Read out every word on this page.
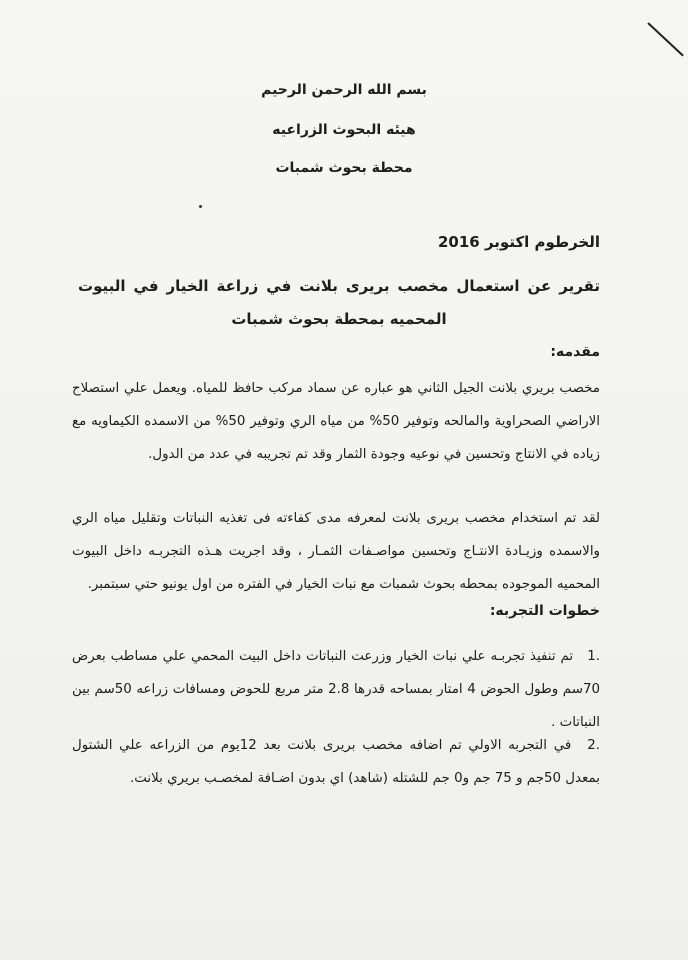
بسم الله الرحمن الرحيم
هيئه البحوث الزراعيه
محطة بحوث شمبات
الخرطوم اكتوبر 2016
تقرير عن استعمال مخصب بريرى بلانت في زراعة الخيار في البيوت المحميه بمحطة بحوث شمبات
مقدمه:
مخصب بريري بلانت الجيل الثاني هو عباره عن سماد مركب حافظ للمياه. ويعمل علي استصلاح الاراضي الصحراوية والمالحه وتوفير 50% من مياه الري وتوفير 50% من الاسمده الكيماويه مع زياده في الانتاج وتحسين في نوعيه وجودة الثمار وقد تم تجريبه في عدد من الدول.
لقد تم استخدام مخصب بريرى بلانت لمعرفه مدى كفاءته فى تغذيه النباتات وتقليل مياه الري والاسمده وزيـادة الانتـاج وتحسين مواصـفات الثمـار ، وقد اجريت هـذه التجربـه داخل البيوت المحميه الموجوده بمحطه بحوث شمبات مع نبات الخيار في الفتره من اول يونيو حتي سبتمبر.
خطوات التجربه:
.1 تم تنفيذ تجربـه علي نبات الخيار وزرعت النباتات داخل البيت المحمي علي مساطب بعرض 70سم وطول الحوض 4 امتار بمساحه قدرها 2.8 متر مربع للحوض ومسافات زراعه 50سم بين النباتات .
.2 في التجربه الاولي تم اضافه مخصب بريرى بلانت بعد 12يوم من الزراعه علي الشتول بمعدل 50جم و 75 جم و0 جم للشتله (شاهد) اي بدون اضـافة لمخصـب بريري بلانت.
